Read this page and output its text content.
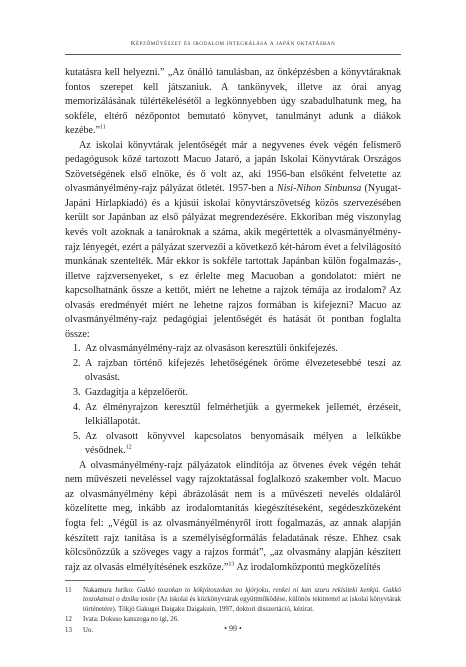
Képzőművészet és irodalom integrálása a japán oktatásban

kutatásra kell helyezni.” „Az önálló tanulásban, az önképzésben a könyvtáraknak fontos szerepet kell játszaniuk. A tankönyvek, illetve az órai anyag memorizálásának túlértékelésétől a legkönnyebben úgy szabadulhatunk meg, ha sokféle, eltérő nézőpontot bemutató könyvet, tanulmányt adunk a diákok kezébe.”$^{11}$

Az iskolai könyvtárak jelentőségét már a negyvenes évek végén felismerő pedagógusok közé tartozott Macuo Jataró, a japán Iskolai Könyvtárak Országos Szövetségének első elnöke, és ő volt az, aki 1956-ban elsőként felvetette az olvasmányélmény-rajz pályázat ötletét. 1957-ben a Nisi-Nihon Sinbunsa (Nyugat-Japáni Hírlapkiadó) és a kjúsúi iskolai könyvtárszövetség közös szervezésében került sor Japánban az első pályázat megrendezésére. Ekkoriban még viszonylag kevés volt azoknak a tanároknak a száma, akik megértették a olvasmányélmény-rajz lényegét, ezért a pályázat szervezői a következő két-három évet a felvilágosító munkának szentelték. Már ekkor is sokféle tartottak Japánban külön fogalmazás-, illetve rajzversenyeket, s ez érlelte meg Macuoban a gondolatot: miért ne kapcsolhatnánk össze a kettőt, miért ne lehetne a rajzok témája az irodalom? Az olvasás eredményét miért ne lehetne rajzos formában is kifejezni? Macuo az olvasmányélmény-rajz pedagógiai jelentőségét és hatását öt pontban foglalta össze:

1. Az olvasmányélmény-rajz az olvasáson keresztüli önkifejezés.

2. A rajzban történő kifejezés lehetőségének öröme élvezetesebbé teszi az olvasást.

3. Gazdagítja a képzelőerőt.

4. Az élményrajzon keresztül felmérhetjük a gyermekek jellemét, érzéseit, lelkiállapotát.

5. Az olvasott könyvvel kapcsolatos benyomásaik mélyen a lelkükbe vésődnek.$^{12}$

A olvasmányélmény-rajz pályázatok elindítója az ötvenes évek végén tehát nem művészeti neveléssel vagy rajzoktatással foglalkozó szakember volt. Macuo az olvasmányélmény képi ábrázolását nem is a művészeti nevelés oldaláról közelítette meg, inkább az irodalomtanítás kiegészítéseként, segédeszközeként fogta fel: „Végül is az olvasmányélményről írott fogalmazás, az annak alapján készített rajz tanítása is a személyiségformálás feladatának része. Ehhez csak kölcsönözzük a szöveges vagy a rajzos formát”, „az olvasmány alapján készített rajz az olvasás elmélyítésének eszköze.”$^{13}$ Az irodalomközpontú megközelítés

11 Nakamura Juriko: Gakkó toszokan to kókjótoszokan no kjórjoku, renkei ni kan szuru rekisiteki kenkjú. Gakkó toszokanszi o dzsiku tosite (Az iskolai és közkönyvtárak együttműködése, különös tekintettel az iskolai könyvtárak történetére). Tókjó Gakugei Daigaku Daigakuin, 1997, doktori disszertáció, kézirat.
12 Ivata: Dokuso kanszoga no igi, 26.
13 Uo.	• 99 •
